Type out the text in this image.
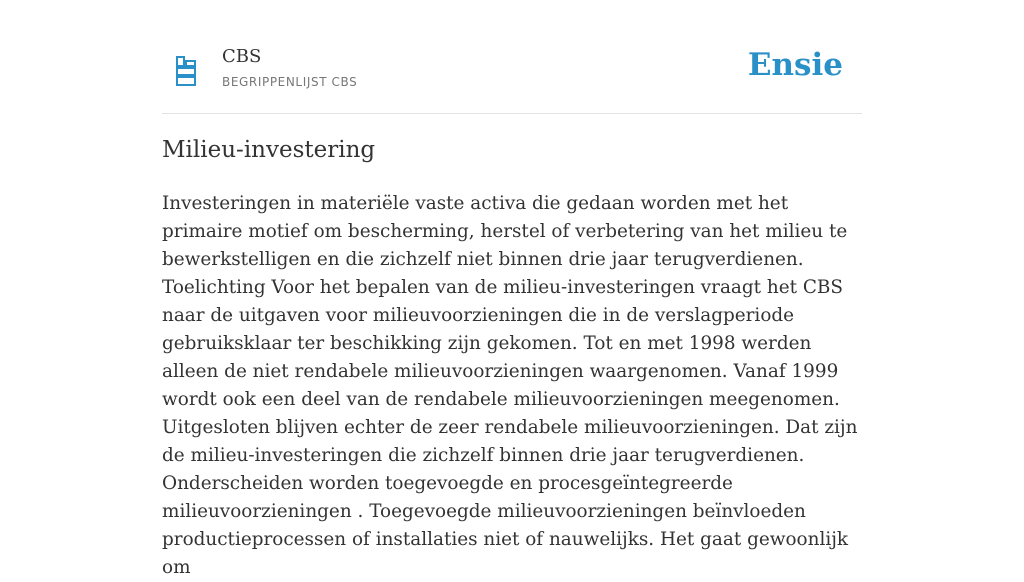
CBS
BEGRIPPENLIJST CBS	Ensie
Milieu-investering

Investeringen in materiële vaste activa die gedaan worden met het primaire motief om bescherming, herstel of verbetering van het milieu te bewerkstelligen en die zichzelf niet binnen drie jaar terugverdienen. Toelichting Voor het bepalen van de milieu-investeringen vraagt het CBS naar de uitgaven voor milieuvoorzieningen die in de verslagperiode gebruiksklaar ter beschikking zijn gekomen. Tot en met 1998 werden alleen de niet rendabele milieuvoorzieningen waargenomen. Vanaf 1999 wordt ook een deel van de rendabele milieuvoorzieningen meegenomen. Uitgesloten blijven echter de zeer rendabele milieuvoorzieningen. Dat zijn de milieu-investeringen die zichzelf binnen drie jaar terugverdienen. Onderscheiden worden toegevoegde en procesgeïntegreerde milieuvoorzieningen . Toegevoegde milieuvoorzieningen beïnvloeden productieprocessen of installaties niet of nauwelijks. Het gaat gewoonlijk om
